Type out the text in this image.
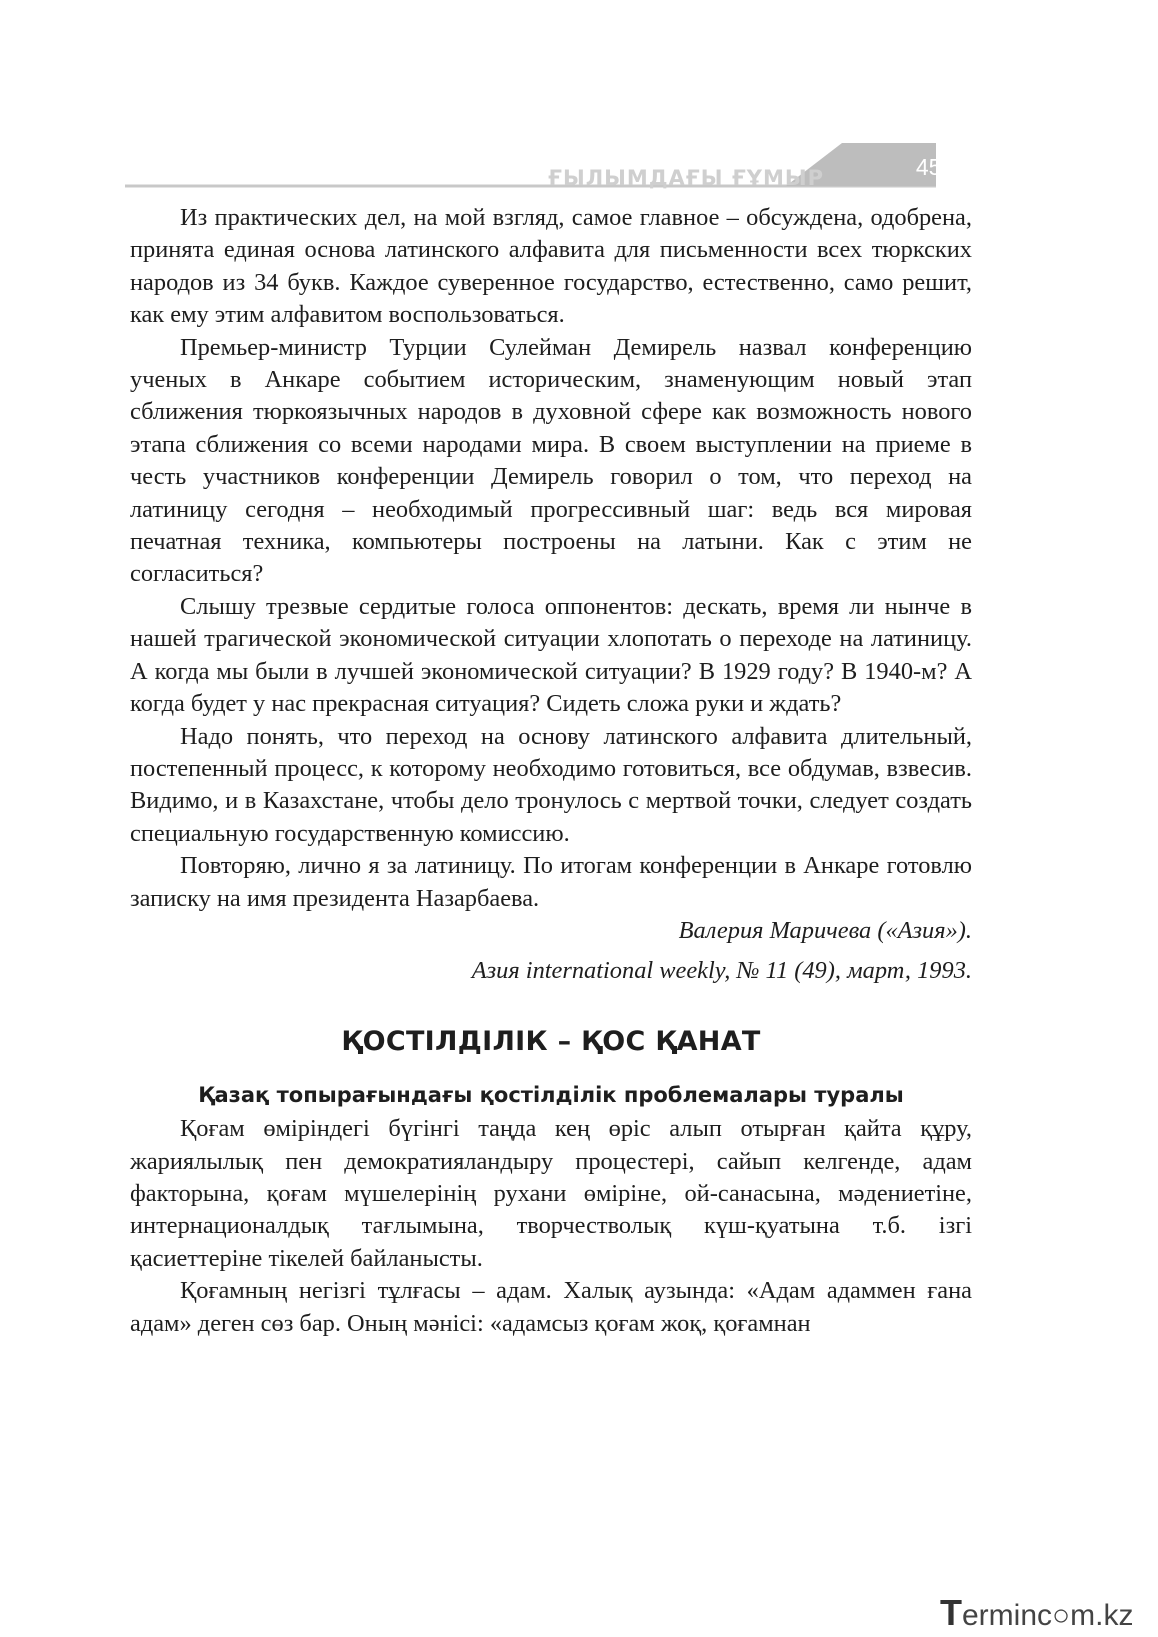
ҒЫЛЫМДАҒЫ ҒҰМЫР	455

Из практических дел, на мой взгляд, самое главное – обсуждена, одобрена, принята единая основа латинского алфавита для письменности всех тюркских народов из 34 букв. Каждое суверенное государство, естественно, само решит, как ему этим алфавитом воспользоваться.

Премьер-министр Турции Сулейман Демирель назвал конференцию ученых в Анкаре событием историческим, знаменующим новый этап сближения тюркоязычных народов в духовной сфере как возможность нового этапа сближения со всеми народами мира. В своем выступлении на приеме в честь участников конференции Демирель говорил о том, что переход на латиницу сегодня – необходимый прогрессивный шаг: ведь вся мировая печатная техника, компьютеры построены на латыни. Как с этим не согласиться?

Слышу трезвые сердитые голоса оппонентов: дескать, время ли нынче в нашей трагической экономической ситуации хлопотать о переходе на латиницу. А когда мы были в лучшей экономической ситуации? В 1929 году? В 1940-м? А когда будет у нас прекрасная ситуация? Сидеть сложа руки и ждать?

Надо понять, что переход на основу латинского алфавита длительный, постепенный процесс, к которому необходимо готовиться, все обдумав, взвесив. Видимо, и в Казахстане, чтобы дело тронулось с мертвой точки, следует создать специальную государственную комиссию.

Повторяю, лично я за латиницу. По итогам конференции в Анкаре готовлю записку на имя президента Назарбаева.

Валерия Маричева («Азия»).

Азия international weekly, № 11 (49), март, 1993.

ҚОСТІЛДІЛІК – ҚОС ҚАНАТ

Қазақ топырағындағы қостілділік проблемалары туралы

Қоғам өміріндегі бүгінгі таңда кең өріс алып отырған қайта құру, жариялылық пен демократияландыру процестері, сайып келгенде, адам факторына, қоғам мүшелерінің рухани өміріне, ой-санасына, мәдениетіне, интернационалдық тағлымына, творчестволық күш-қуатына т.б. ізгі қасиеттеріне тікелей байланысты.

Қоғамның негізгі тұлғасы – адам. Халық аузында: «Адам адаммен ғана адам» деген сөз бар. Оның мәнісі: «адамсыз қоғам жоқ, қоғамнан

Terminc○m.kz
